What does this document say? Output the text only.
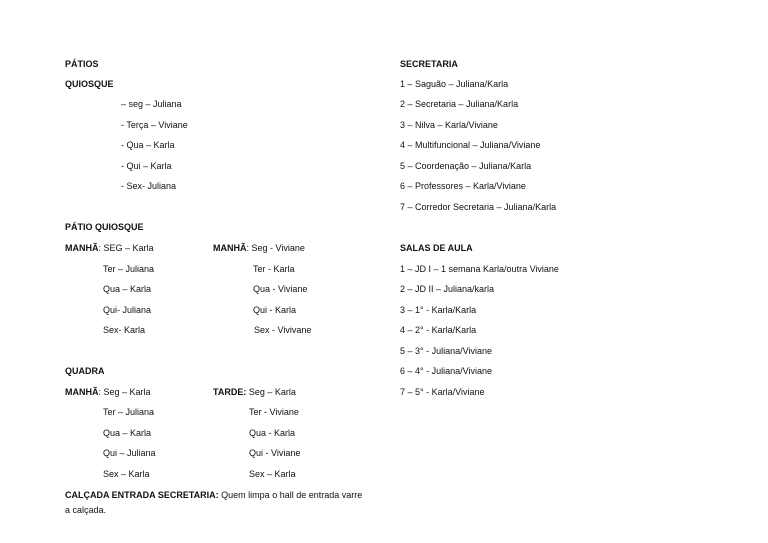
PÁTIOS
QUIOSQUE
– seg – Juliana
- Terça – Viviane
- Qua – Karla
- Qui – Karla
- Sex- Juliana
PÁTIO QUIOSQUE
MANHÃ: SEG – Karla
Ter – Juliana
Qua – Karla
Qui- Juliana
Sex- Karla
MANHÃ: Seg - Viviane
Ter - Karla
Qua - Viviane
Qui - Karla
Sex - Vivivane
QUADRA
MANHÃ: Seg – Karla
Ter – Juliana
Qua – Karla
Qui – Juliana
Sex – Karla
TARDE: Seg – Karla
Ter - Viviane
Qua - Karla
Qui - Viviane
Sex – Karla
CALÇADA ENTRADA SECRETARIA: Quem limpa o hall de entrada varre a calçada.
SECRETARIA
1 – Saguão – Juliana/Karla
2 – Secretaria – Juliana/Karla
3 – Nilva – Karla/Viviane
4 – Multifuncional – Juliana/Viviane
5 – Coordenação – Juliana/Karla
6 – Professores – Karla/Viviane
7 – Corredor Secretaria – Juliana/Karla
SALAS DE AULA
1 – JD I – 1 semana Karla/outra Viviane
2 – JD II – Juliana/karla
3 – 1° - Karla/Karla
4 – 2° - Karla/Karla
5 – 3° - Juliana/Viviane
6 – 4° - Juliana/Viviane
7 – 5° - Karla/Viviane
